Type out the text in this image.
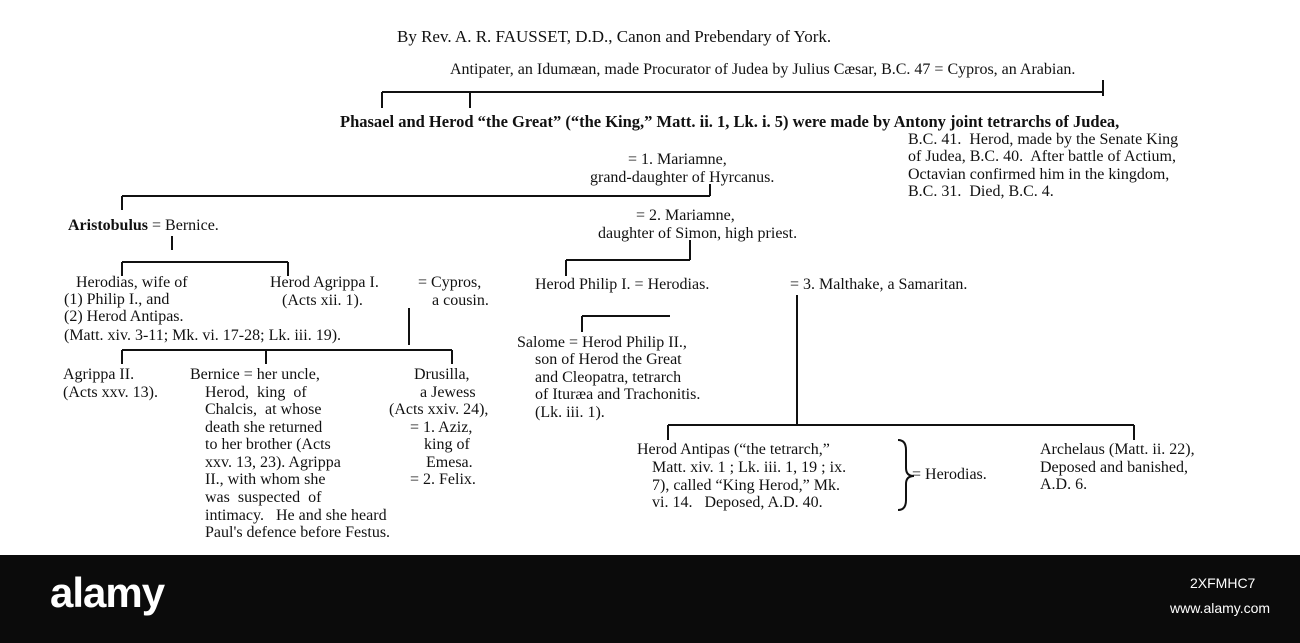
By Rev. A. R. FAUSSET, D.D., Canon and Prebendary of York.
Antipater, an Idumæan, made Procurator of Judea by Julius Cæsar, B.C. 47 = Cypros, an Arabian.
Phasael and Herod “the Great” (“the King,” Matt. ii. 1, Lk. i. 5) were made by Antony joint tetrarchs of Judea,
B.C. 41.  Herod, made by the Senate King
of Judea, B.C. 40.  After battle of Actium,
Octavian confirmed him in the kingdom,
B.C. 31.  Died, B.C. 4.
= 1. Mariamne,
grand-daughter of Hyrcanus.
= 2. Mariamne,
daughter of Simon, high priest.
Aristobulus = Bernice.
Herodias, wife of
(1) Philip I., and
(2) Herod Antipas.
(Matt. xiv. 3-11; Mk. vi. 17-28; Lk. iii. 19).
Herod Agrippa I.
(Acts xii. 1).
= Cypros,
a cousin.
Herod Philip I. = Herodias.	= 3. Malthake, a Samaritan.
Salome = Herod Philip II.,
son of Herod the Great
and Cleopatra, tetrarch
of Ituræa and Trachonitis.
(Lk. iii. 1).
Agrippa II.
(Acts xxv. 13).
Bernice = her uncle,
Herod,  king  of
Chalcis,  at whose
death she returned
to her brother (Acts
xxv. 13, 23). Agrippa
II., with whom she
was  suspected  of
intimacy.   He and she heard
Paul's defence before Festus.
Drusilla,
a Jewess
(Acts xxiv. 24),
= 1. Aziz,
king of
Emesa.
= 2. Felix.
Herod Antipas (“the tetrarch,”
Matt. xiv. 1 ; Lk. iii. 1, 19 ; ix.
7), called “King Herod,” Mk.
vi. 14.   Deposed, A.D. 40.
= Herodias.
Archelaus (Matt. ii. 22),
Deposed and banished,
A.D. 6.
alamy	2XFMHC7
www.alamy.com
